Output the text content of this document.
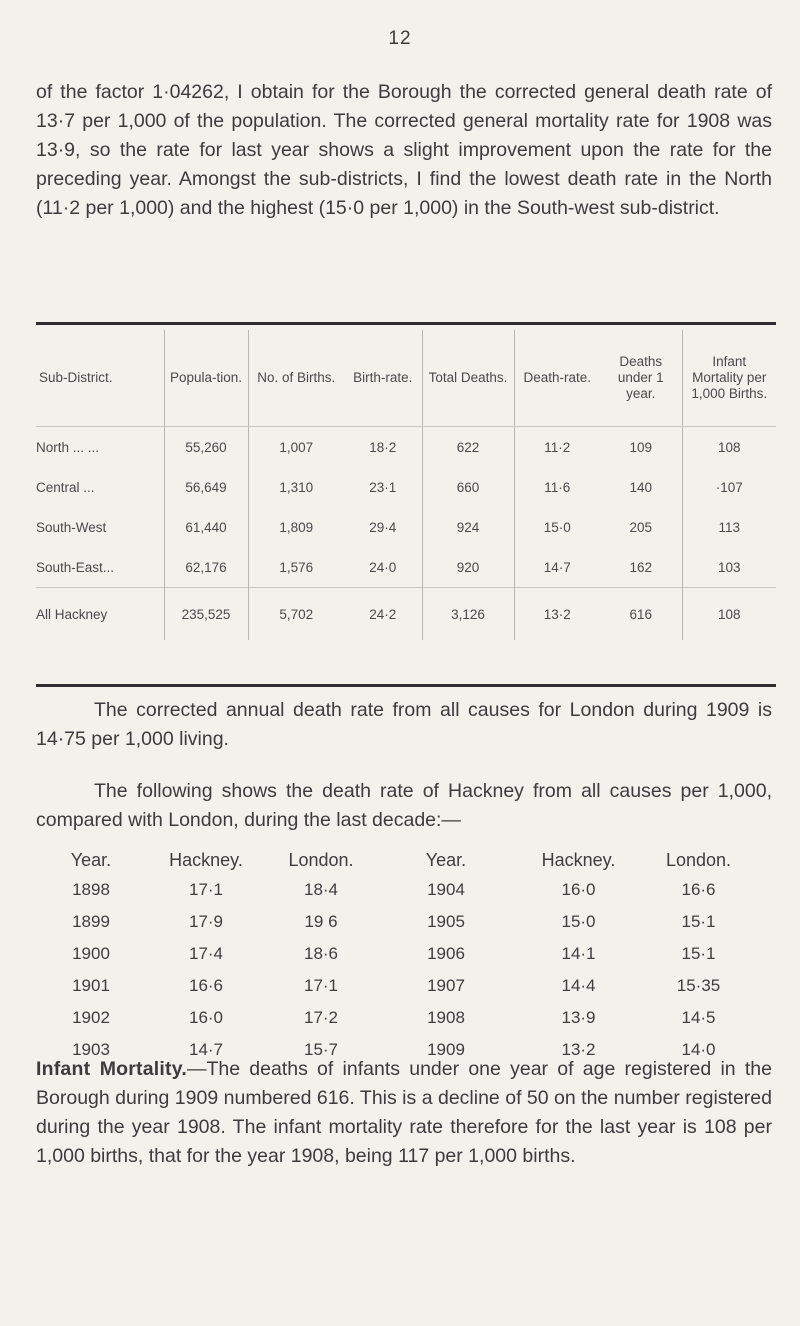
12

of the factor 1·04262, I obtain for the Borough the corrected general death rate of 13·7 per 1,000 of the population. The corrected general mortality rate for 1908 was 13·9, so the rate for last year shows a slight improvement upon the rate for the preceding year. Amongst the sub-districts, I find the lowest death rate in the North (11·2 per 1,000) and the highest (15·0 per 1,000) in the South-west sub-district.

Sub-District.	Popula-tion.	No. of Births.	Birth-rate.	Total Deaths.	Death-rate.	Deaths under 1 year.	Infant Mortality per 1,000 Births.
North ... ...	55,260	1,007	18·2	622	11·2	109	108
Central ...	56,649	1,310	23·1	660	11·6	140	·107
South-West	61,440	1,809	29·4	924	15·0	205	113
South-East...	62,176	1,576	24·0	920	14·7	162	103
All Hackney	235,525	5,702	24·2	3,126	13·2	616	108

The corrected annual death rate from all causes for London during 1909 is 14·75 per 1,000 living.

The following shows the death rate of Hackney from all causes per 1,000, compared with London, during the last decade:—

Year.	Hackney.	London.	Year.	Hackney.	London.
1898	17·1	18·4	1904	16·0	16·6
1899	17·9	19 6	1905	15·0	15·1
1900	17·4	18·6	1906	14·1	15·1
1901	16·6	17·1	1907	14·4	15·35
1902	16·0	17·2	1908	13·9	14·5
1903	14·7	15·7	1909	13·2	14·0

Infant Mortality.—The deaths of infants under one year of age registered in the Borough during 1909 numbered 616. This is a decline of 50 on the number registered during the year 1908. The infant mortality rate therefore for the last year is 108 per 1,000 births, that for the year 1908, being 117 per 1,000 births.
